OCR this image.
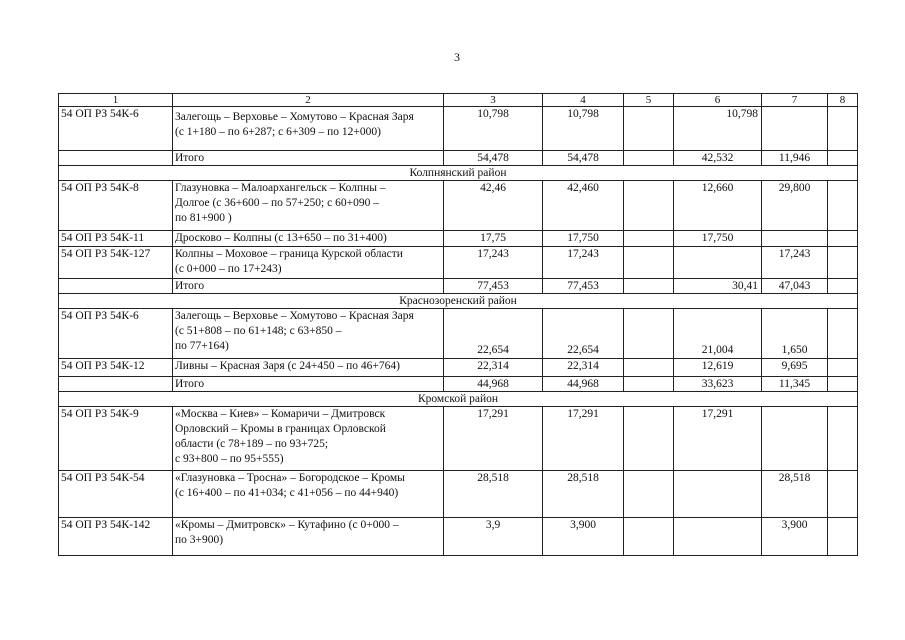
3
1	2	3	4	5	6	7	8
54 ОП РЗ 54К-6	Залегощь – Верховье – Хомутово – Красная Заря
(с 1+180 – по 6+287; с 6+309 – по 12+000)	10,798	10,798		10,798		
	Итого	54,478	54,478		42,532	11,946	
Колпнянский район							
54 ОП РЗ 54К-8	Глазуновка – Малоархангельск – Колпны –
Долгое (с 36+600 – по 57+250; с 60+090 –
по 81+900 )	42,46	42,460		12,660	29,800	
54 ОП РЗ 54К-11	Дросково – Колпны (с 13+650 – по 31+400)	17,75	17,750		17,750		
54 ОП РЗ 54К-127	Колпны – Моховое – граница Курской области
(с 0+000 – по 17+243)	17,243	17,243			17,243	
	Итого	77,453	77,453		30,41	47,043	
Краснозоренский район							
54 ОП РЗ 54К-6	Залегощь – Верховье – Хомутово – Красная Заря
(с 51+808 – по 61+148; с 63+850 –
по 77+164)	22,654	22,654		21,004	1,650	
54 ОП РЗ 54К-12	Ливны – Красная Заря (с 24+450 – по 46+764)	22,314	22,314		12,619	9,695	
	Итого	44,968	44,968		33,623	11,345	
Кромской район							
54 ОП РЗ 54К-9	«Москва – Киев» – Комаричи – Дмитровск
Орловский – Кромы в границах Орловской
области (с 78+189 – по 93+725;
с 93+800 – по 95+555)	17,291	17,291		17,291		
54 ОП РЗ 54К-54	«Глазуновка – Тросна» – Богородское – Кромы
(с 16+400 – по 41+034; с 41+056 – по 44+940)	28,518	28,518			28,518	
54 ОП РЗ 54К-142	«Кромы – Дмитровск» – Кутафино (с 0+000 –
по 3+900)	3,9	3,900			3,900	
